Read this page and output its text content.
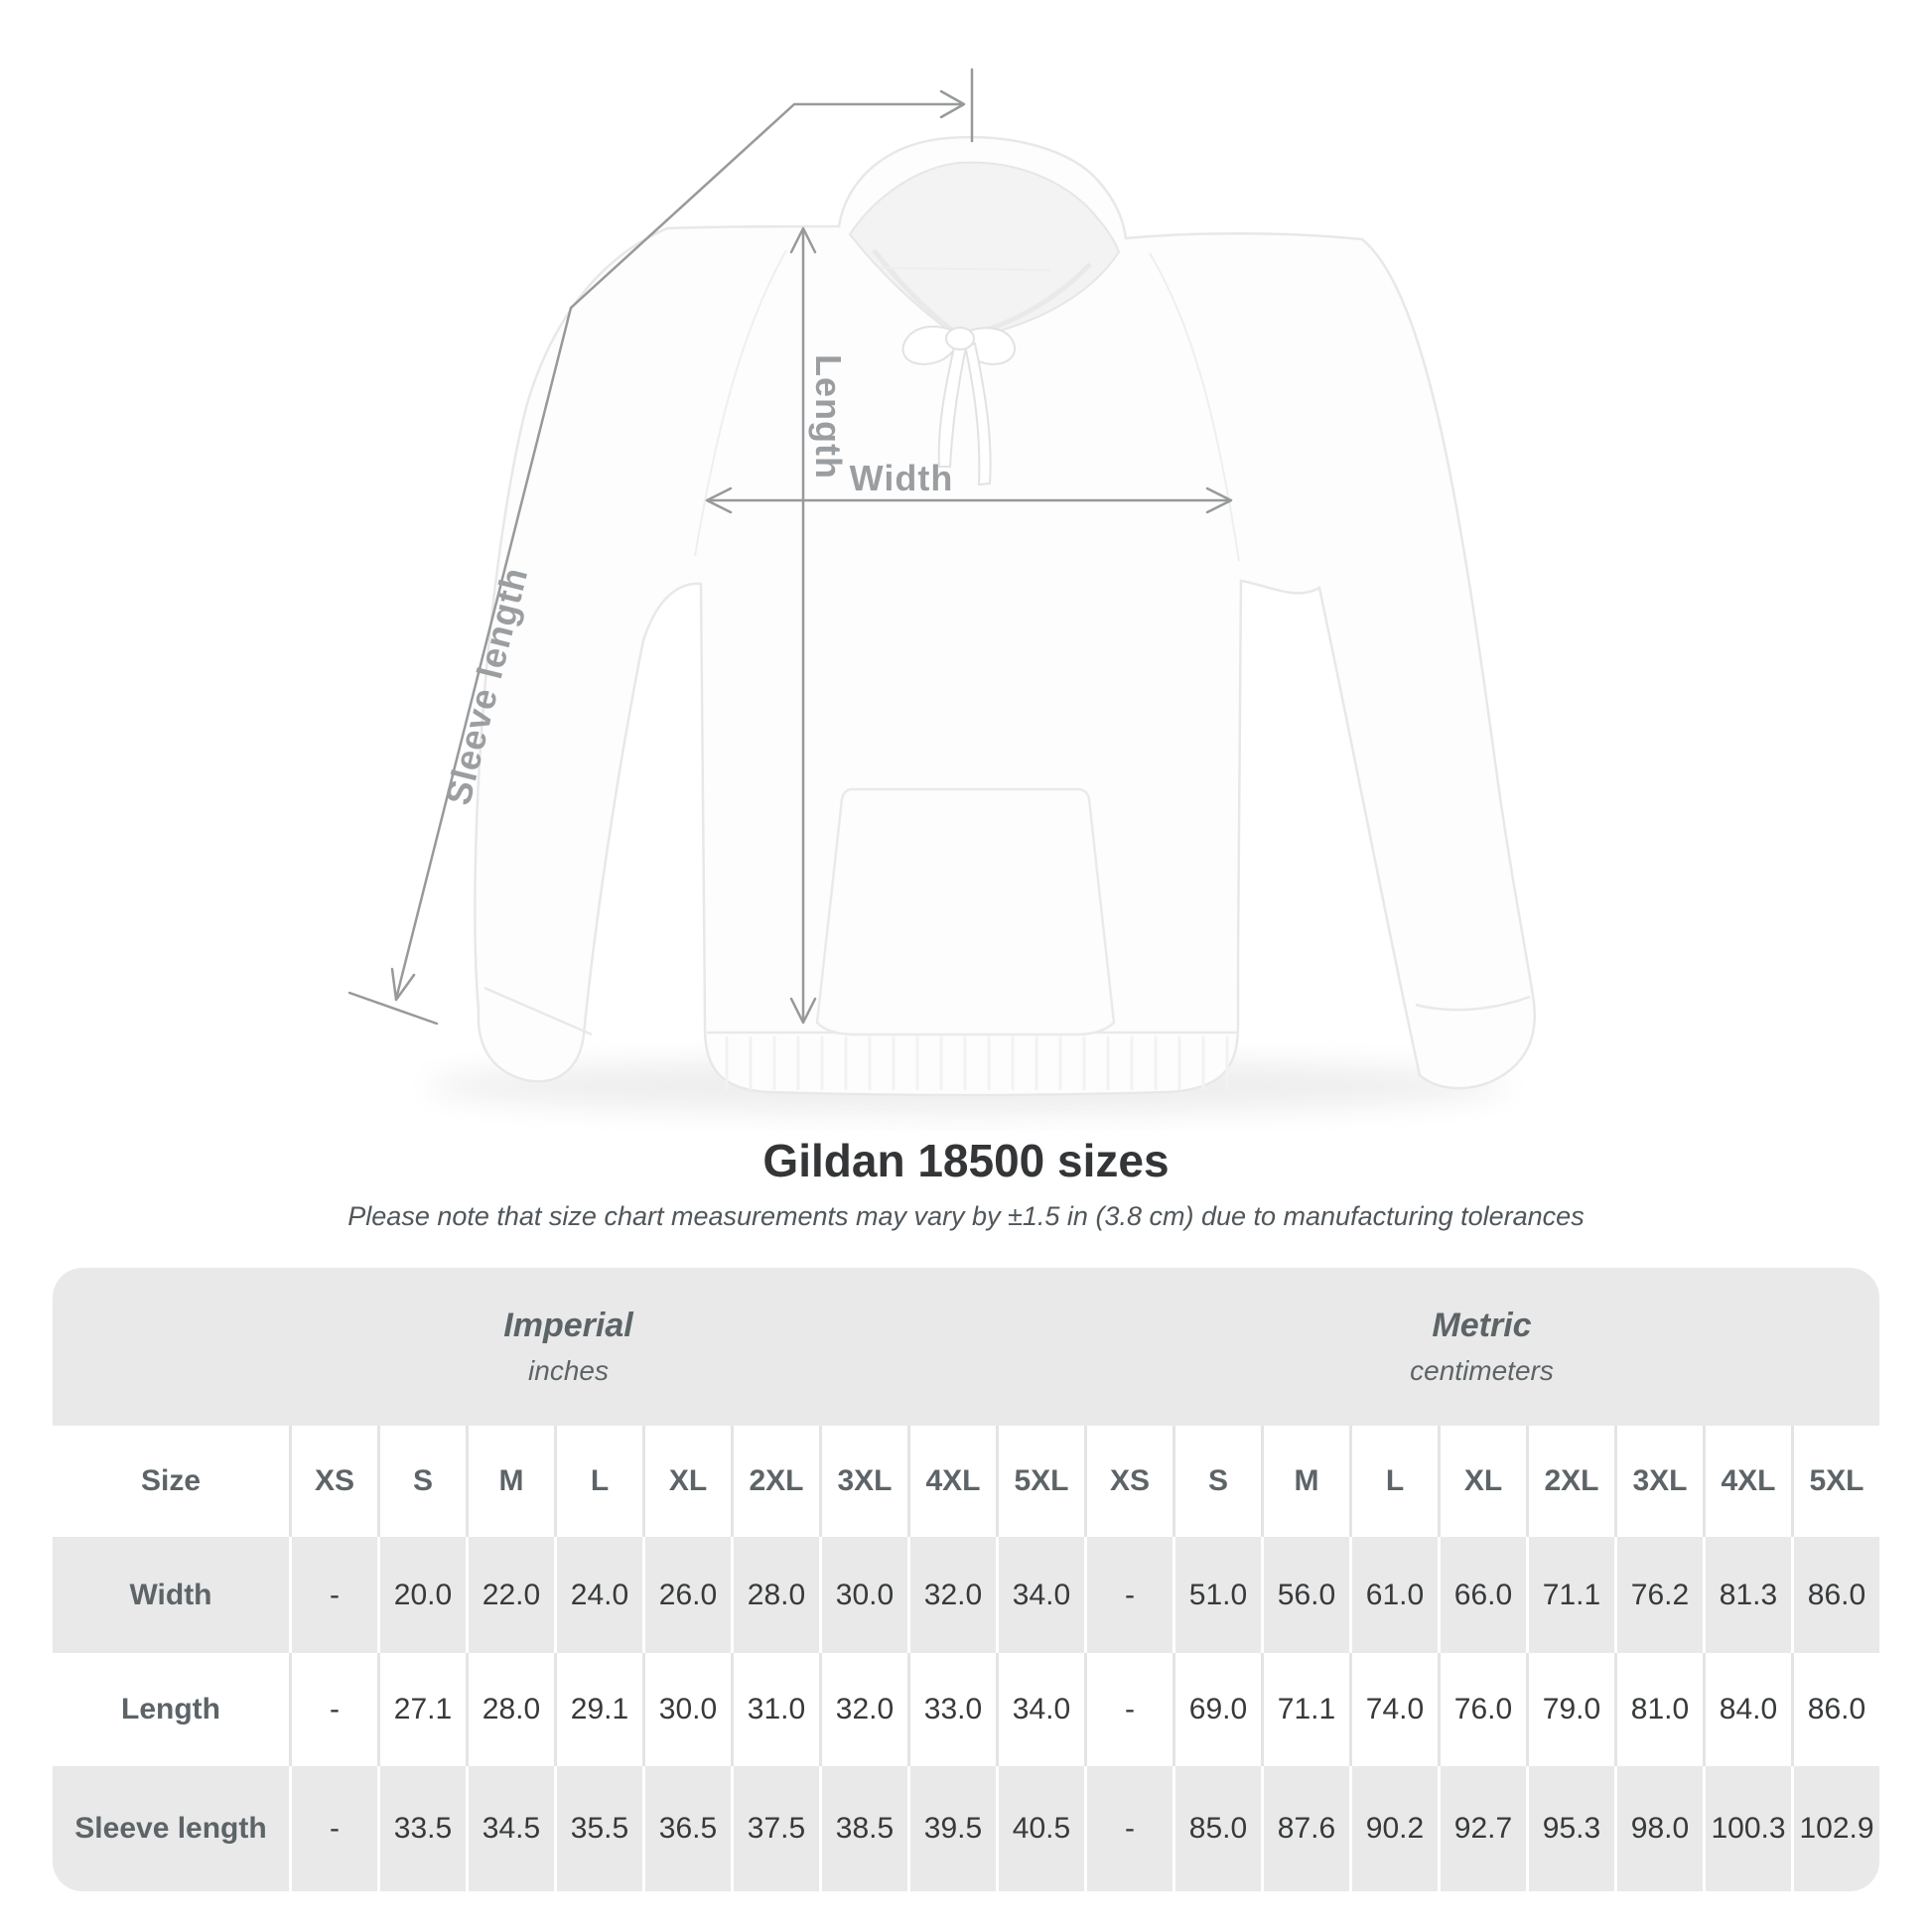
Sleeve length
Length Width
Gildan 18500 sizes

Please note that size chart measurements may vary by ±1.5 in (3.8 cm) due to manufacturing tolerances

Imperial
inches
Metric
centimeters
Size	XS	S	M	L	XL	2XL	3XL	4XL	5XL	XS	S	M	L	XL	2XL	3XL	4XL	5XL
Width	-	20.0	22.0	24.0	26.0	28.0	30.0	32.0	34.0	-	51.0	56.0	61.0	66.0	71.1	76.2	81.3	86.0
Length	-	27.1	28.0	29.1	30.0	31.0	32.0	33.0	34.0	-	69.0	71.1	74.0	76.0	79.0	81.0	84.0	86.0
Sleeve length	-	33.5	34.5	35.5	36.5	37.5	38.5	39.5	40.5	-	85.0	87.6	90.2	92.7	95.3	98.0 100.3 102.9
